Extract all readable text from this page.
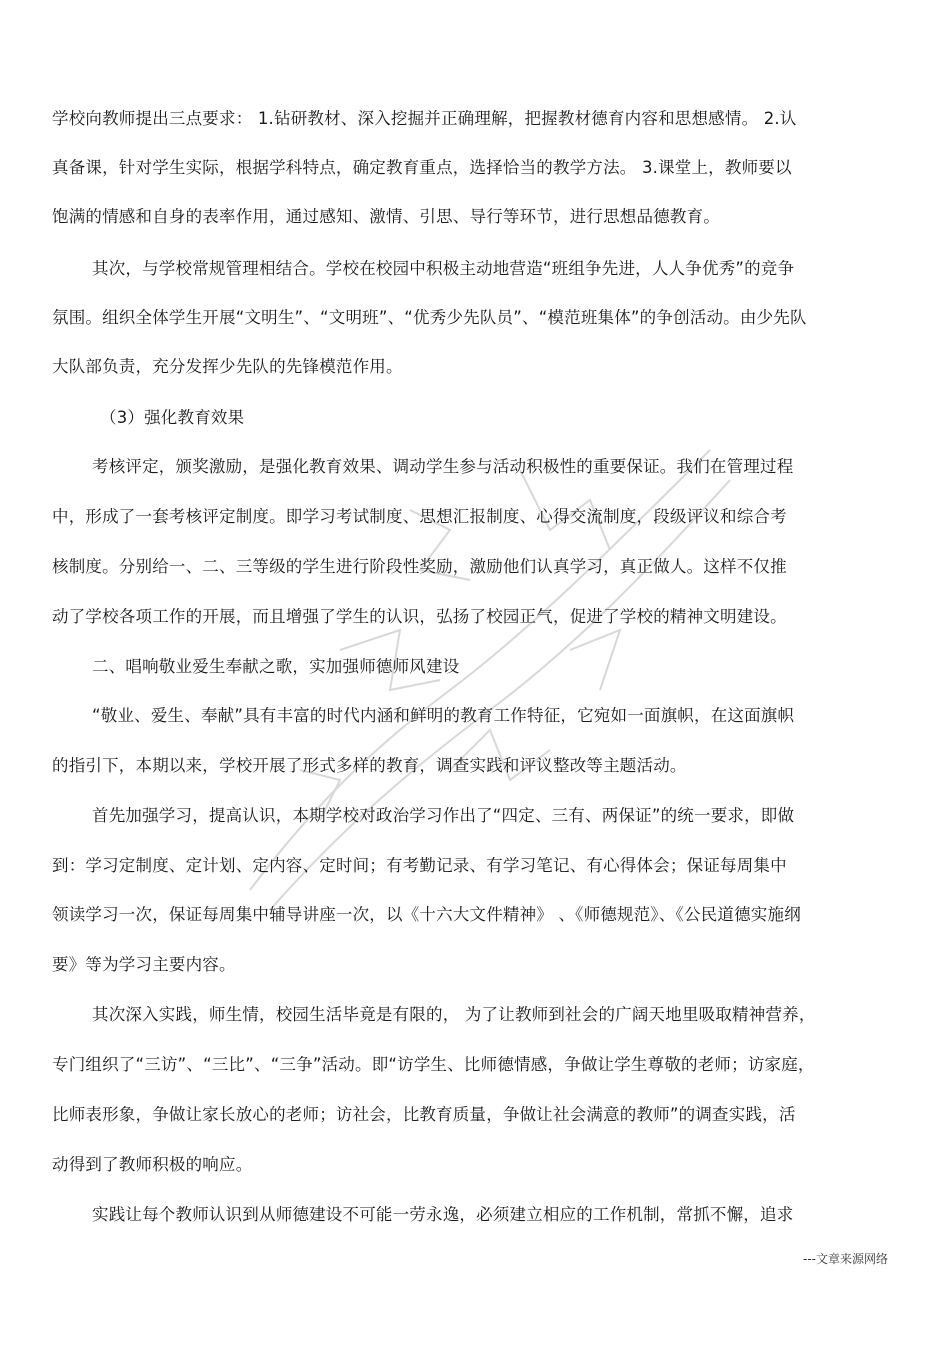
学校向教师提出三点要求： 1.钻研教材、深入挖掘并正确理解，把握教材德育内容和思想感情。 2.认
真备课，针对学生实际，根据学科特点，确定教育重点，选择恰当的教学方法。 3.课堂上，教师要以
饱满的情感和自身的表率作用，通过感知、激情、引思、导行等环节，进行思想品德教育。
其次，与学校常规管理相结合。学校在校园中积极主动地营造“班组争先进，人人争优秀”的竞争
氛围。组织全体学生开展“文明生”、“文明班”、“优秀少先队员”、“模范班集体”的争创活动。由少先队
大队部负责，充分发挥少先队的先锋模范作用。
（3）强化教育效果
考核评定，颁奖激励，是强化教育效果、调动学生参与活动积极性的重要保证。我们在管理过程
中，形成了一套考核评定制度。即学习考试制度、思想汇报制度、心得交流制度，段级评议和综合考
核制度。分别给一、二、三等级的学生进行阶段性奖励，激励他们认真学习，真正做人。这样不仅推
动了学校各项工作的开展，而且增强了学生的认识，弘扬了校园正气，促进了学校的精神文明建设。
二、唱响敬业爱生奉献之歌，实加强师德师风建设
“敬业、爱生、奉献”具有丰富的时代内涵和鲜明的教育工作特征，它宛如一面旗帜，在这面旗帜
的指引下，本期以来，学校开展了形式多样的教育，调查实践和评议整改等主题活动。
首先加强学习，提高认识，本期学校对政治学习作出了“四定、三有、两保证”的统一要求，即做
到：学习定制度、定计划、定内容、定时间；有考勤记录、有学习笔记、有心得体会；保证每周集中
领读学习一次，保证每周集中辅导讲座一次，以《十六大文件精神》 、《师德规范》、《公民道德实施纲
要》等为学习主要内容。
其次深入实践，师生情，校园生活毕竟是有限的， 为了让教师到社会的广阔天地里吸取精神营养，
专门组织了“三访”、“三比”、“三争”活动。即“访学生、比师德情感，争做让学生尊敬的老师；访家庭，
比师表形象，争做让家长放心的老师；访社会，比教育质量，争做让社会满意的教师”的调查实践，活
动得到了教师积极的响应。
实践让每个教师认识到从师德建设不可能一劳永逸，必须建立相应的工作机制，常抓不懈，追求
---文章来源网络
